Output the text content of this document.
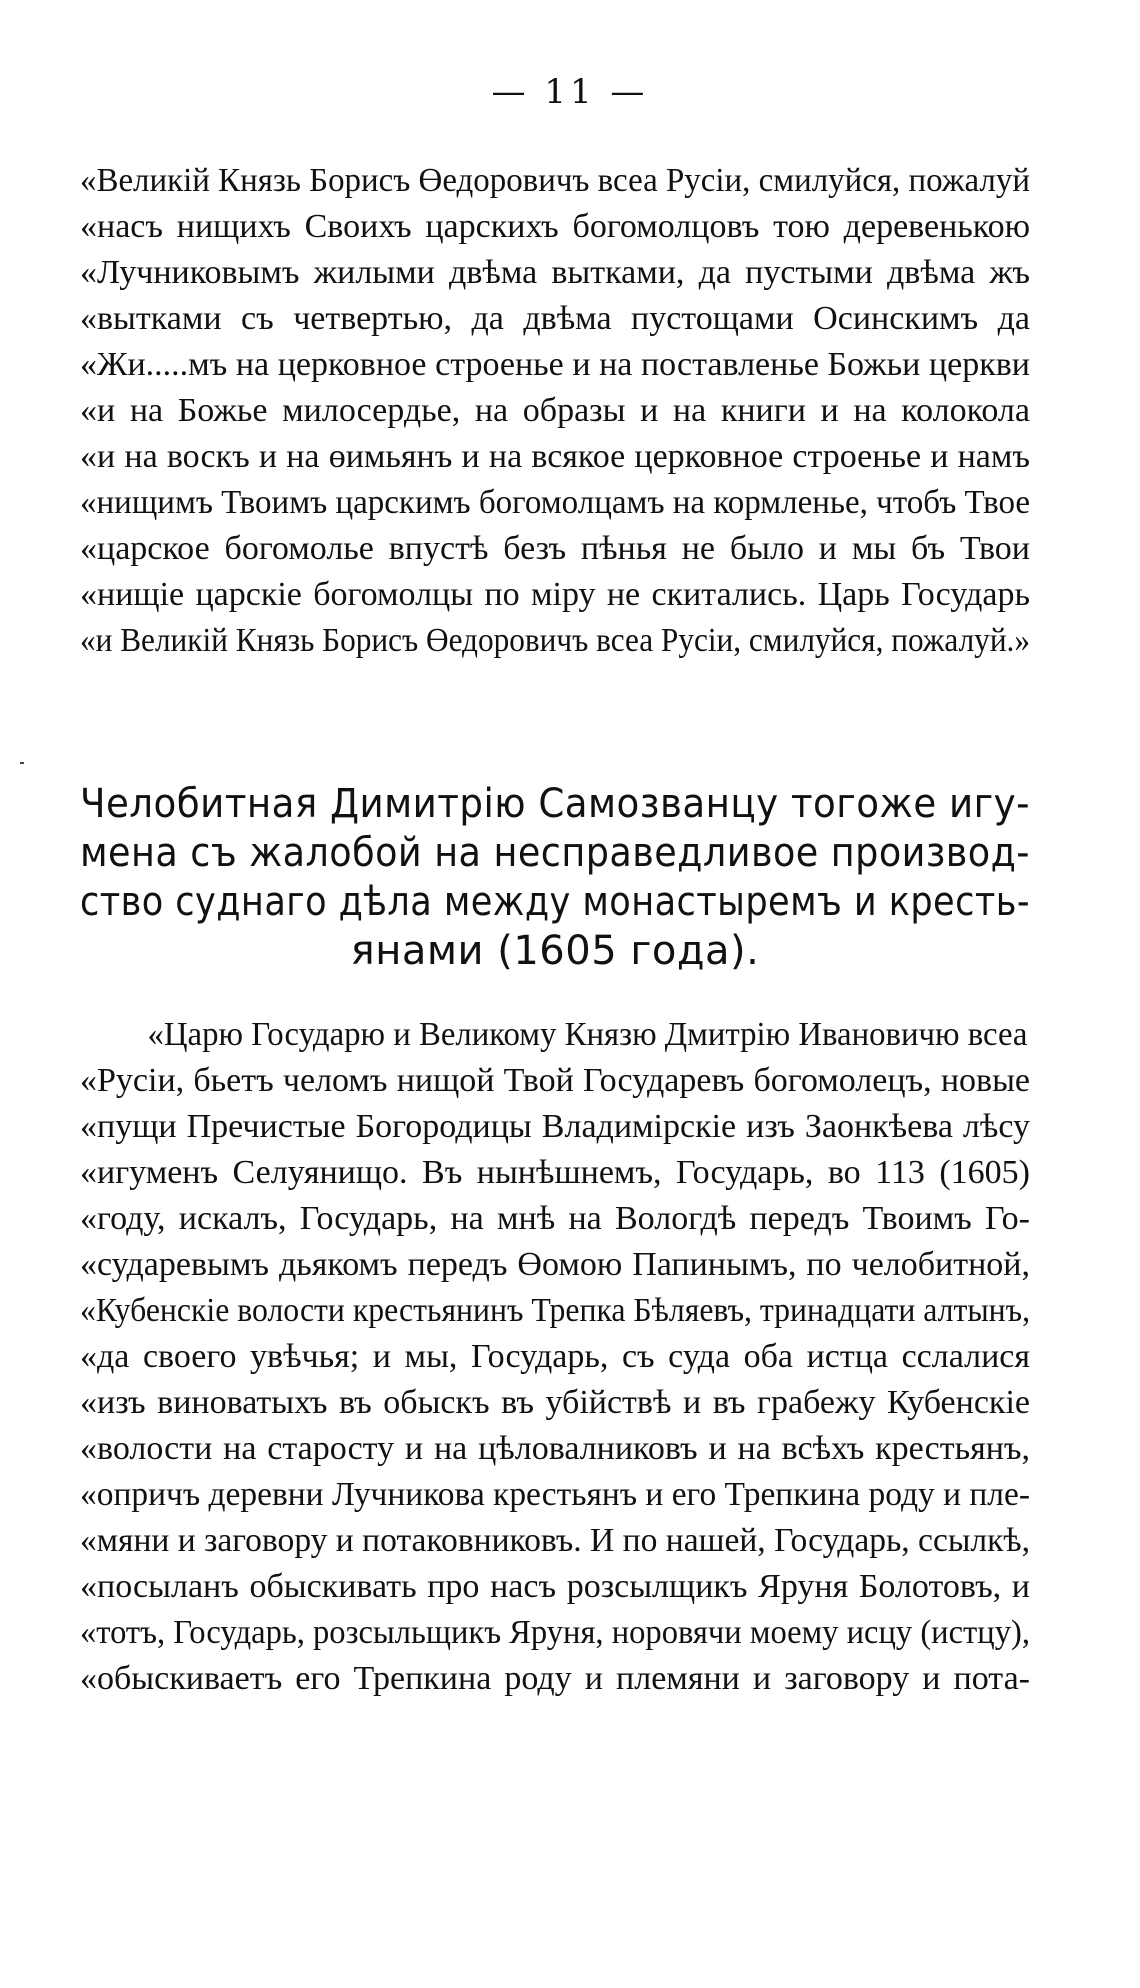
— 11 —
«Великій Князь Борисъ Өедоровичъ всеа Русіи, смилуйся, пожалуй
«насъ нищихъ Своихъ царскихъ богомолцовъ тою деревенькою
«Лучниковымъ жилыми двѣма вытками, да пустыми двѣма жъ
«вытками съ четвертью, да двѣма пустощами Осинскимъ да
«Жи.....мъ на церковное строенье и на поставленье Божьи церкви
«и на Божье милосердье, на образы и на книги и на колокола
«и на воскъ и на өимьянъ и на всякое церковное строенье и намъ
«нищимъ Твоимъ царскимъ богомолцамъ на кормленье, чтобъ Твое
«царское богомолье впустѣ безъ пѣнья не было и мы бъ Твои
«нищіе царскіе богомолцы по міру не скитались. Царь Государь
«и Великій Князь Борисъ Өедоровичъ всеа Русіи, смилуйся, пожалуй.»
Челобитная Димитрію Самозванцу тогоже игу-
мена съ жалобой на несправедливое производ-
ство суднаго дѣла между монастыремъ и кресть-
янами (1605 года).
«Царю Государю и Великому Князю Дмитрію Ивановичю всеа
«Русіи, бьетъ челомъ нищой Твой Государевъ богомолецъ, новые
«пущи Пречистые Богородицы Владимірскіе изъ Заонкѣева лѣсу
«игуменъ Селуянищо. Въ нынѣшнемъ, Государь, во 113 (1605)
«году, искалъ, Государь, на мнѣ на Вологдѣ передъ Твоимъ Го-
«сударевымъ дьякомъ передъ Өомою Папинымъ, по челобитной,
«Кубенскіе волости крестьянинъ Трепка Бѣляевъ, тринадцати алтынъ,
«да своего увѣчья; и мы, Государь, съ суда оба истца сслалися
«изъ виноватыхъ въ обыскъ въ убійствѣ и въ грабежу Кубенскіе
«волости на старосту и на цѣловалниковъ и на всѣхъ крестьянъ,
«опричъ деревни Лучникова крестьянъ и его Трепкина роду и пле-
«мяни и заговору и потаковниковъ. И по нашей, Государь, ссылкѣ,
«посыланъ обыскивать про насъ розсылщикъ Яруня Болотовъ, и
«тотъ, Государь, розсыльщикъ Яруня, норовячи моему исцу (истцу),
«обыскиваетъ его Трепкина роду и племяни и заговору и пота-
